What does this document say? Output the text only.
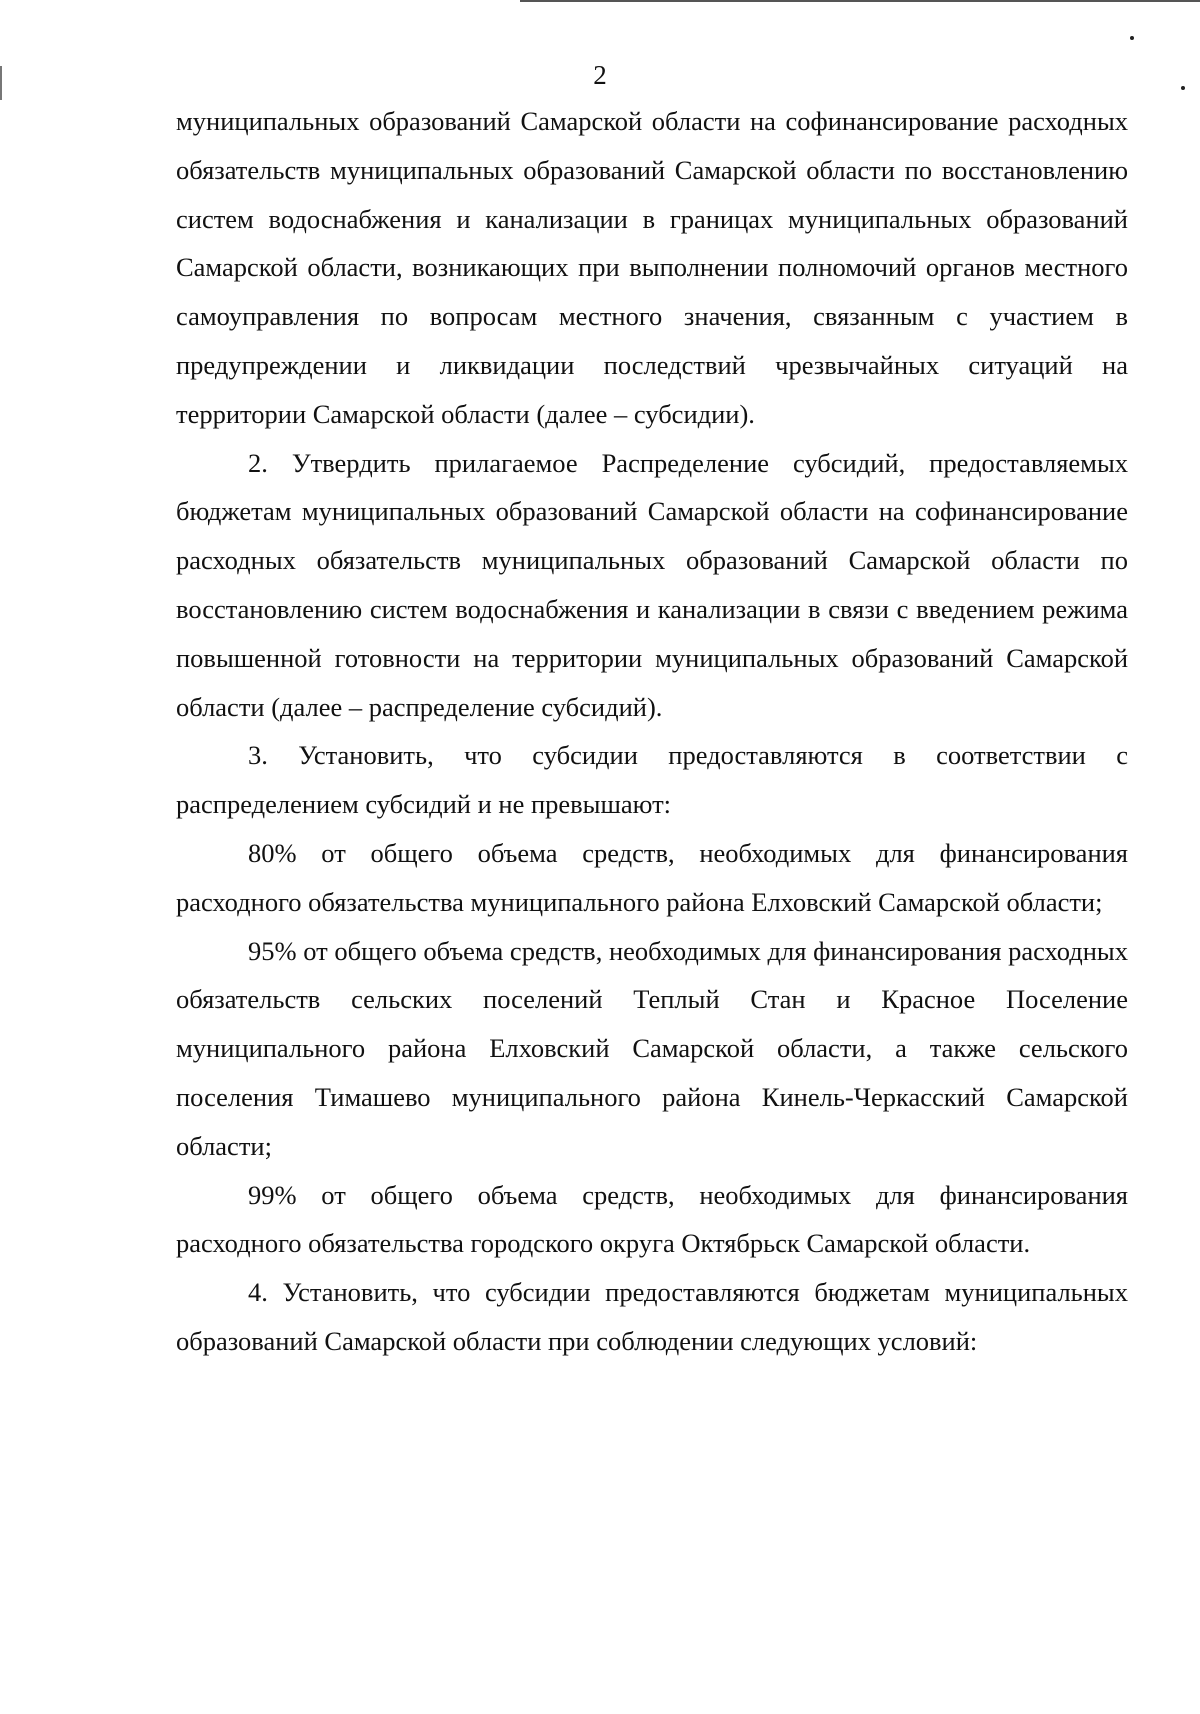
2

муниципальных образований Самарской области на софинансирование расходных обязательств муниципальных образований Самарской области по восстановлению систем водоснабжения и канализации в границах муниципальных образований Самарской области, возникающих при выполнении полномочий органов местного самоуправления по вопросам местного значения, связанным с участием в предупреждении и ликвидации последствий чрезвычайных ситуаций на территории Самарской области (далее – субсидии).

2. Утвердить прилагаемое Распределение субсидий, предоставляемых бюджетам муниципальных образований Самарской области на софинансирование расходных обязательств муниципальных образований Самарской области по восстановлению систем водоснабжения и канализации в связи с введением режима повышенной готовности на территории муниципальных образований Самарской области (далее – распределение субсидий).

3. Установить, что субсидии предоставляются в соответствии с распределением субсидий и не превышают:

80% от общего объема средств, необходимых для финансирования расходного обязательства муниципального района Елховский Самарской области;

95% от общего объема средств, необходимых для финансирования расходных обязательств сельских поселений Теплый Стан и Красное Поселение муниципального района Елховский Самарской области, а также сельского поселения Тимашево муниципального района Кинель-Черкасский Самарской области;

99% от общего объема средств, необходимых для финансирования расходного обязательства городского округа Октябрьск Самарской области.

4. Установить, что субсидии предоставляются бюджетам муниципальных образований Самарской области при соблюдении следующих условий:
